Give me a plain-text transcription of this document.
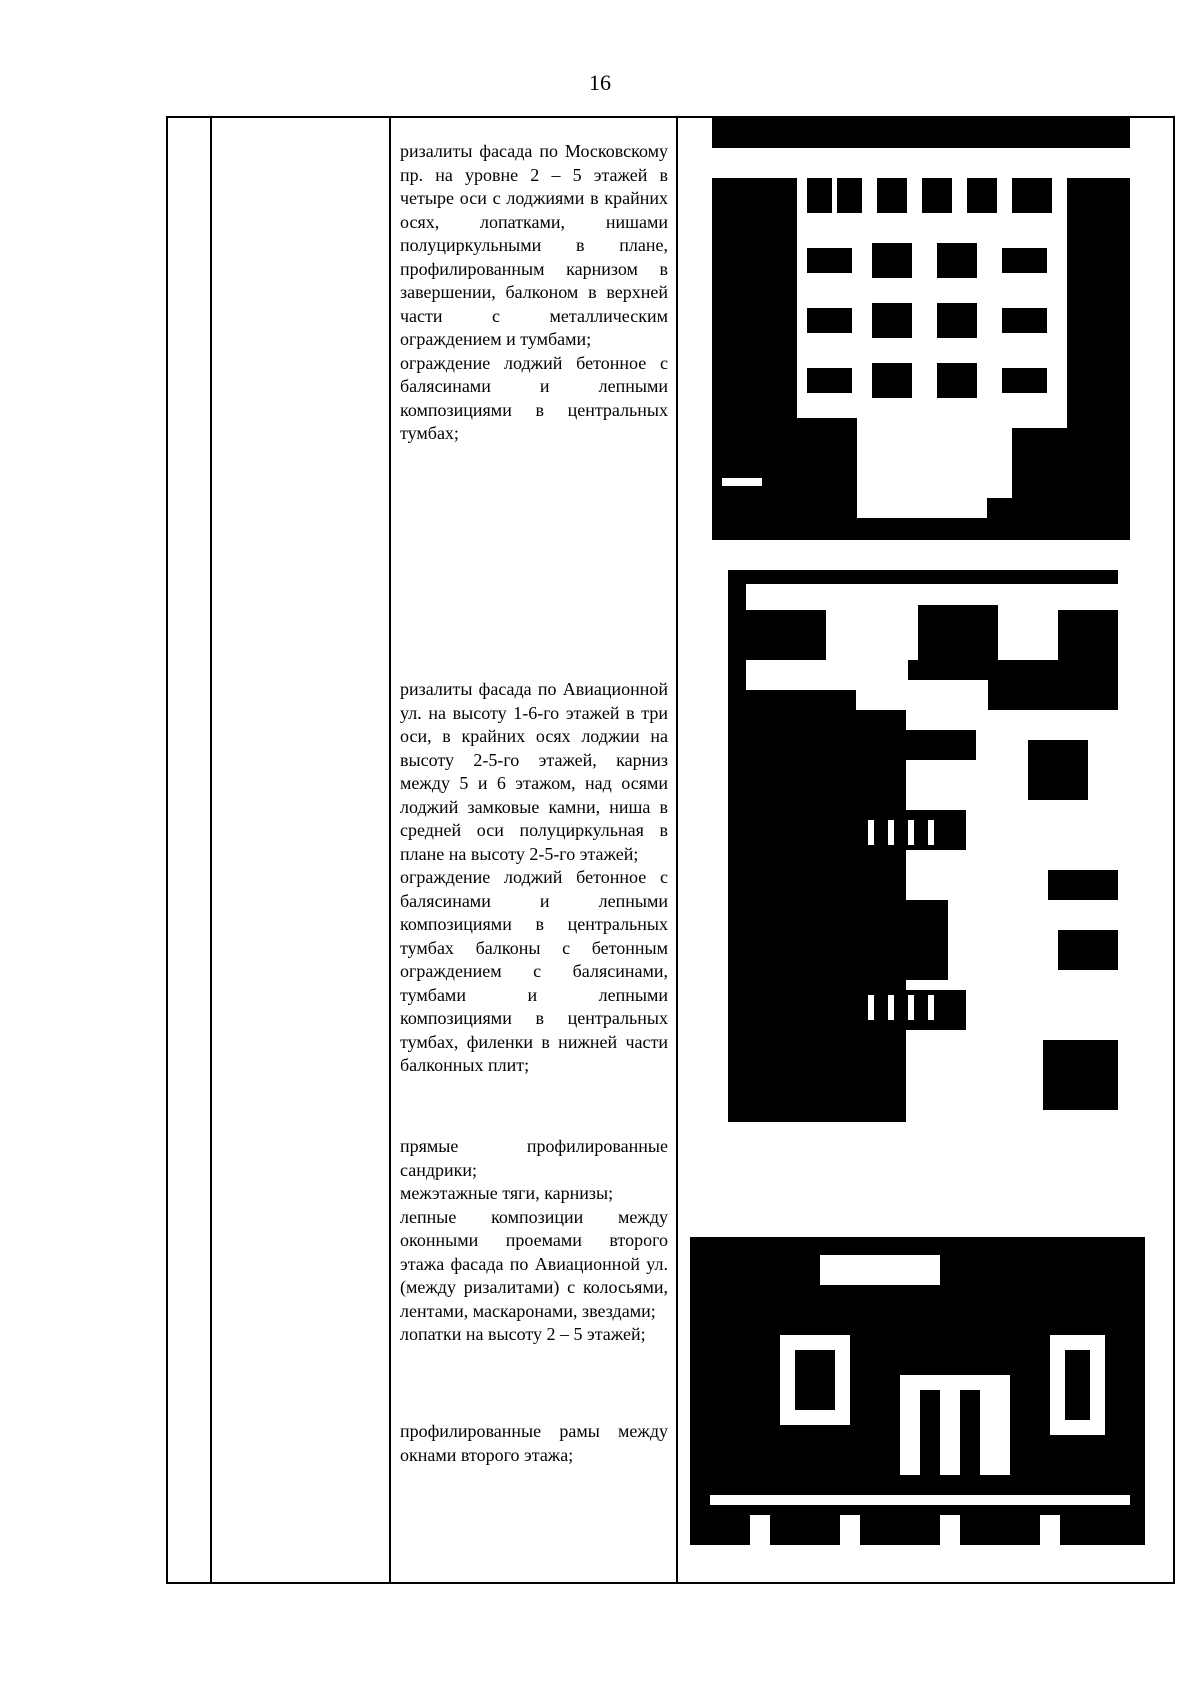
16

ризалиты фасада по Московскому пр. на уровне 2 – 5 этажей в четыре оси с лоджиями в крайних осях, лопатками, нишами полуциркульными в плане, профилированным карнизом в завершении, балконом в верхней части с металлическим ограждением и тумбами;

ограждение лоджий бетонное с балясинами и лепными композициями в центральных тумбах;

ризалиты фасада по Авиационной ул. на высоту 1-6-го этажей в три оси, в крайних осях лоджии на высоту 2-5-го этажей, карниз между 5 и 6 этажом, над осями лоджий замковые камни, ниша в средней оси полуциркульная в плане на высоту 2-5-го этажей;

ограждение лоджий бетонное с балясинами и лепными композициями в центральных тумбах балконы с бетонным ограждением с балясинами, тумбами и лепными композициями в центральных тумбах, филенки в нижней части балконных плит;

прямые профилированные сандрики;

межэтажные тяги, карнизы;

лепные композиции между оконными проемами второго этажа фасада по Авиационной ул. (между ризалитами) с колосьями, лентами, маскаронами, звездами;

лопатки на высоту 2 – 5 этажей;

профилированные рамы между окнами второго этажа;
